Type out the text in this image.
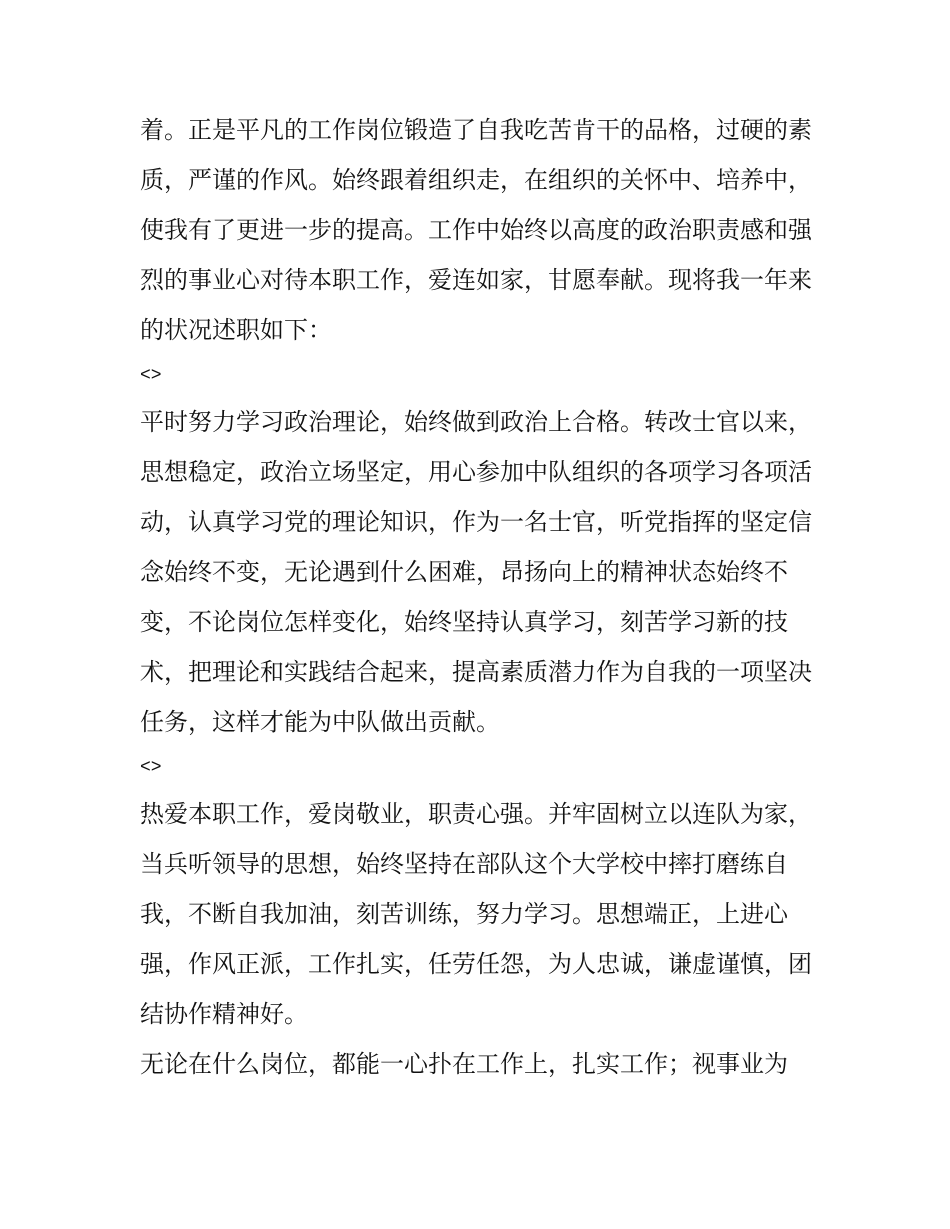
着。正是平凡的工作岗位锻造了自我吃苦肯干的品格，过硬的素质，严谨的作风。始终跟着组织走，在组织的关怀中、培养中，使我有了更进一步的提高。工作中始终以高度的政治职责感和强烈的事业心对待本职工作，爱连如家，甘愿奉献。现将我一年来的状况述职如下：

<>

平时努力学习政治理论，始终做到政治上合格。转改士官以来，思想稳定，政治立场坚定，用心参加中队组织的各项学习各项活动，认真学习党的理论知识，作为一名士官，听党指挥的坚定信念始终不变，无论遇到什么困难，昂扬向上的精神状态始终不变，不论岗位怎样变化，始终坚持认真学习，刻苦学习新的技术，把理论和实践结合起来，提高素质潜力作为自我的一项坚决任务，这样才能为中队做出贡献。

<>

热爱本职工作，爱岗敬业，职责心强。并牢固树立以连队为家，当兵听领导的思想，始终坚持在部队这个大学校中摔打磨练自我，不断自我加油，刻苦训练，努力学习。思想端正，上进心强，作风正派，工作扎实，任劳任怨，为人忠诚，谦虚谨慎，团结协作精神好。

无论在什么岗位，都能一心扑在工作上，扎实工作；视事业为
